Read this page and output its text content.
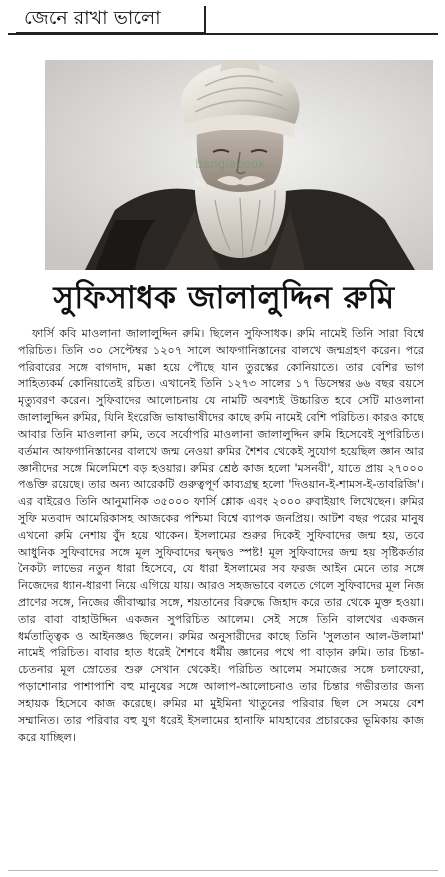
জেনে রাখা ভালো
banglabook
সুফিসাধক জালালুদ্দিন রুমি
ফার্সি কবি মাওলানা জালালুদ্দিন রুমি। ছিলেন সুফিসাধক। রুমি নামেই তিনি সারা বিশ্বে পরিচিত। তিনি ৩০ সেপ্টেম্বর ১২০৭ সালে আফগানিস্তানের বালখে জন্মগ্রহণ করেন। পরে পরিবারের সঙ্গে বাগদাদ, মক্কা হয়ে পৌছে যান তুরস্কের কোনিয়াতে। তার বেশির ভাগ সাহিত্যকর্ম কোনিয়াতেই রচিত। এখানেই তিনি ১২৭৩ সালের ১৭ ডিসেম্বর ৬৬ বছর বয়সে মৃত্যুবরণ করেন। সুফিবাদের আলোচনায় যে নামটি অবশ্যই উচ্চারিত হবে সেটি মাওলানা জালালুদ্দিন রুমির, যিনি ইংরেজি ভাষাভাষীদের কাছে রুমি নামেই বেশি পরিচিত। কারও কাছে আবার তিনি মাওলানা রুমি, তবে সর্বোপরি মাওলানা জালালুদ্দিন রুমি হিসেবেই সুপরিচিত। বর্তমান আফগানিস্তানের বালখে জন্ম নেওয়া রুমির শৈশব থেকেই সুযোগ হয়েছিল জ্ঞান আর জ্ঞানীদের সঙ্গে মিলেমিশে বড় হওয়ার। রুমির শ্রেষ্ঠ কাজ হলো 'মসনবী', যাতে প্রায় ২৭০০০ পঙক্তি রয়েছে। তার অন্য আরেকটি গুরুত্বপূর্ণ কাব্যগ্রন্থ হলো 'দিওয়ান-ই-শামস-ই-তাবরিজি'। এর বাইরেও তিনি আনুমানিক ৩৫০০০ ফার্সি শ্লোক এবং ২০০০ রুবাইয়াৎ লিখেছেন। রুমির সুফি মতবাদ আমেরিকাসহ আজকের পশ্চিমা বিশ্বে ব্যাপক জনপ্রিয়। আটশ বছর পরের মানুষ এখনো রুমি নেশায় বুঁদ হয়ে থাকেন। ইসলামের শুরুর দিকেই সুফিবাদের জন্ম হয়, তবে আধুনিক সুফিবাদের সঙ্গে মূল সুফিবাদের দ্বন্দ্বও স্পষ্ট! মূল সুফিবাদের জন্ম হয় সৃষ্টিকর্তার নৈকট্য লাভের নতুন ধারা হিসেবে, যে ধারা ইসলামের সব ফরজ আইন মেনে তার সঙ্গে নিজেদের ধ্যান-ধারণা নিয়ে এগিয়ে যায়। আরও সহজভাবে বলতে গেলে সুফিবাদের মূল নিজ প্রাণের সঙ্গে, নিজের জীবাত্মার সঙ্গে, শয়তানের বিরুদ্ধে জিহাদ করে তার থেকে মুক্ত হওয়া। তার বাবা বাহাউদ্দিন একজন সুপরিচিত আলেম। সেই সঙ্গে তিনি বালখের একজন ধর্মতাত্ত্বিক ও আইনজ্ঞও ছিলেন। রুমির অনুসারীদের কাছে তিনি 'সুলতান আল-উলামা' নামেই পরিচিত। বাবার হাত ধরেই শৈশবে ধর্মীয় জ্ঞানের পথে পা বাড়ান রুমি। তার চিন্তা-চেতনার মূল স্রোতের শুরু সেখান থেকেই। পরিচিত আলেম সমাজের সঙ্গে চলাফেরা, পড়াশোনার পাশাপাশি বহু মানুষের সঙ্গে আলাপ-আলোচনাও তার চিন্তার গভীরতার জন্য সহায়ক হিসেবে কাজ করেছে। রুমির মা মুইমিনা খাতুনের পরিবার ছিল সে সময়ে বেশ সম্মানিত। তার পরিবার বহু যুগ ধরেই ইসলামের হানাফি মাযহাবের প্রচারকের ভূমিকায় কাজ করে যাচ্ছিল।
